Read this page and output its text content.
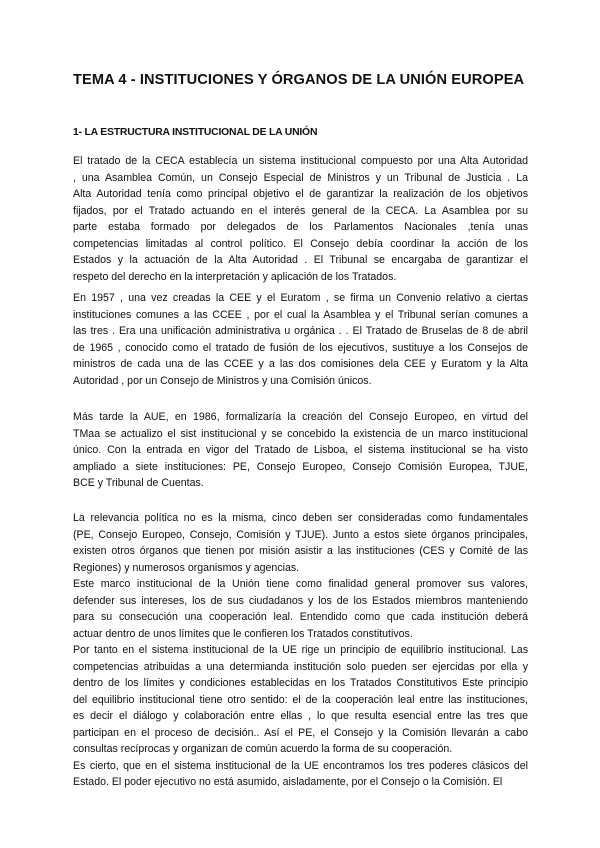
TEMA 4 - INSTITUCIONES Y ÓRGANOS DE LA UNIÓN EUROPEA
1- LA ESTRUCTURA INSTITUCIONAL DE LA UNIÓN
El tratado de la CECA establecía un sistema institucional compuesto por una Alta Autoridad
, una Asamblea Común, un Consejo Especial de Ministros y un Tribunal de Justicia . La
Alta Autoridad tenía como principal objetivo el de garantizar la realización de los objetivos
fijados, por el Tratado actuando en el interés general de la CECA. La Asamblea por su
parte estaba formado por delegados de los Parlamentos Nacionales ,tenía unas
competencias limitadas al control político. El Consejo debía coordinar la acción de los
Estados y la actuación de la Alta Autoridad . El Tribunal se encargaba de garantizar el
respeto del derecho en la interpretación y aplicación de los Tratados.
En 1957 , una vez creadas la CEE y el Euratom , se firma un Convenio relativo a ciertas
instituciones comunes a las CCEE , por el cual la Asamblea y el Tribunal serían comunes a
las tres . Era una unificación administrativa u orgánica . . El Tratado de Bruselas de 8 de abril
de 1965 , conocido como el tratado de fusión de los ejecutivos, sustituye a los Consejos de
ministros de cada una de las CCEE y a las dos comisiones dela CEE y Euratom y la Alta
Autoridad , por un Consejo de Ministros y una Comisión únicos.
Más tarde la AUE, en 1986, formalizaría la creación del Consejo Europeo, en virtud del
TMaa se actualizo el sist institucional y se concebido la existencia de un marco institucional
único. Con la entrada en vigor del Tratado de Lisboa, el sistema institucional se ha visto
ampliado a siete instituciones: PE, Consejo Europeo, Consejo Comisión Europea, TJUE,
BCE y Tribunal de Cuentas.
La relevancia política no es la misma, cinco deben ser consideradas como fundamentales
(PE, Consejo Europeo, Consejo, Comisión y TJUE). Junto a estos siete órganos principales,
existen otros órganos que tienen por misión asistir a las instituciones (CES y Comité de las
Regiones) y numerosos organismos y agencias.
Este marco institucional de la Unión tiene como finalidad general promover sus valores,
defender sus intereses, los de sus ciudadanos y los de los Estados miembros manteniendo
para su consecución una cooperación leal. Entendido como que cada institución deberá
actuar dentro de unos límites que le confieren los Tratados constitutivos.
Por tanto en el sistema institucional de la UE rige un principio de equilibrio institucional. Las
competencias atribuidas a una determianda institución solo pueden ser ejercidas por ella y
dentro de los límites y condiciones establecidas en los Tratados Constitutivos Este principio
del equilibrio institucional tiene otro sentido: el de la cooperación leal entre las instituciones,
es decir el diálogo y colaboración entre ellas , lo que resulta esencial entre las tres que
participan en el proceso de decisión.. Así el PE, el Consejo y la Comisión llevarán a cabo
consultas recíprocas y organizan de común acuerdo la forma de su cooperación.
Es cierto, que en el sistema institucional de la UE encontramos los tres poderes clásicos del
Estado. El poder ejecutivo no está asumido, aisladamente, por el Consejo o la Comisión. El
